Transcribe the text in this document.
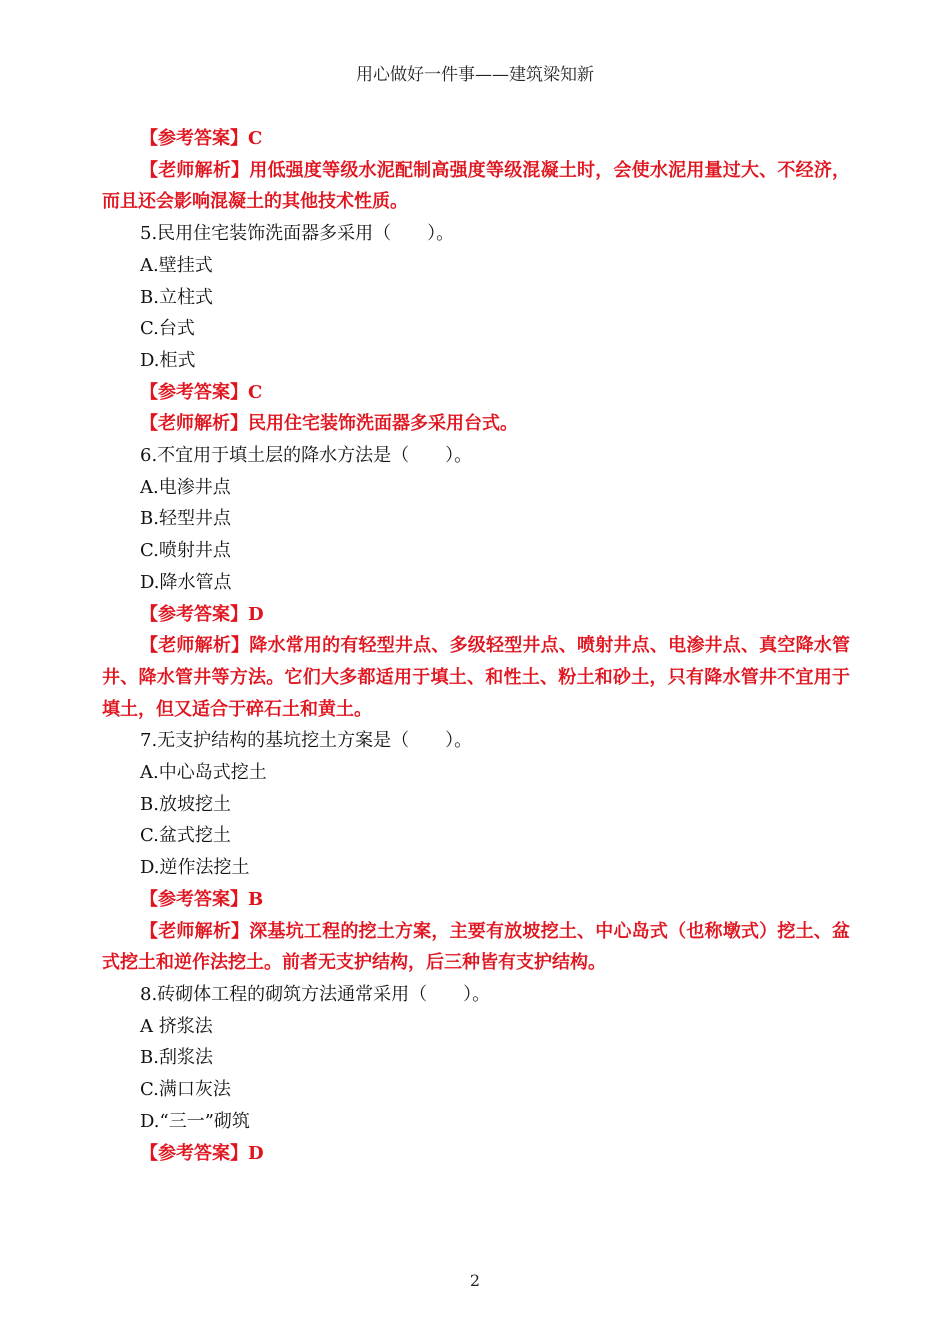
用心做好一件事——建筑梁知新
【参考答案】C
【老师解析】用低强度等级水泥配制高强度等级混凝土时，会使水泥用量过大、不经济，而且还会影响混凝土的其他技术性质。
5.民用住宅装饰洗面器多采用（　　）。
A.壁挂式
B.立柱式
C.台式
D.柜式
【参考答案】C
【老师解析】民用住宅装饰洗面器多采用台式。
6.不宜用于填土层的降水方法是（　　）。
A.电渗井点
B.轻型井点
C.喷射井点
D.降水管点
【参考答案】D
【老师解析】降水常用的有轻型井点、多级轻型井点、喷射井点、电渗井点、真空降水管井、降水管井等方法。它们大多都适用于填土、和性土、粉土和砂土，只有降水管井不宜用于填土，但又适合于碎石土和黄土。
7.无支护结构的基坑挖土方案是（　　）。
A.中心岛式挖土
B.放坡挖土
C.盆式挖土
D.逆作法挖土
【参考答案】B
【老师解析】深基坑工程的挖土方案，主要有放坡挖土、中心岛式（也称墩式）挖土、盆式挖土和逆作法挖土。前者无支护结构，后三种皆有支护结构。
8.砖砌体工程的砌筑方法通常采用（　　）。
A 挤浆法
B.刮浆法
C.满口灰法
D.“三一”砌筑
【参考答案】D
2
